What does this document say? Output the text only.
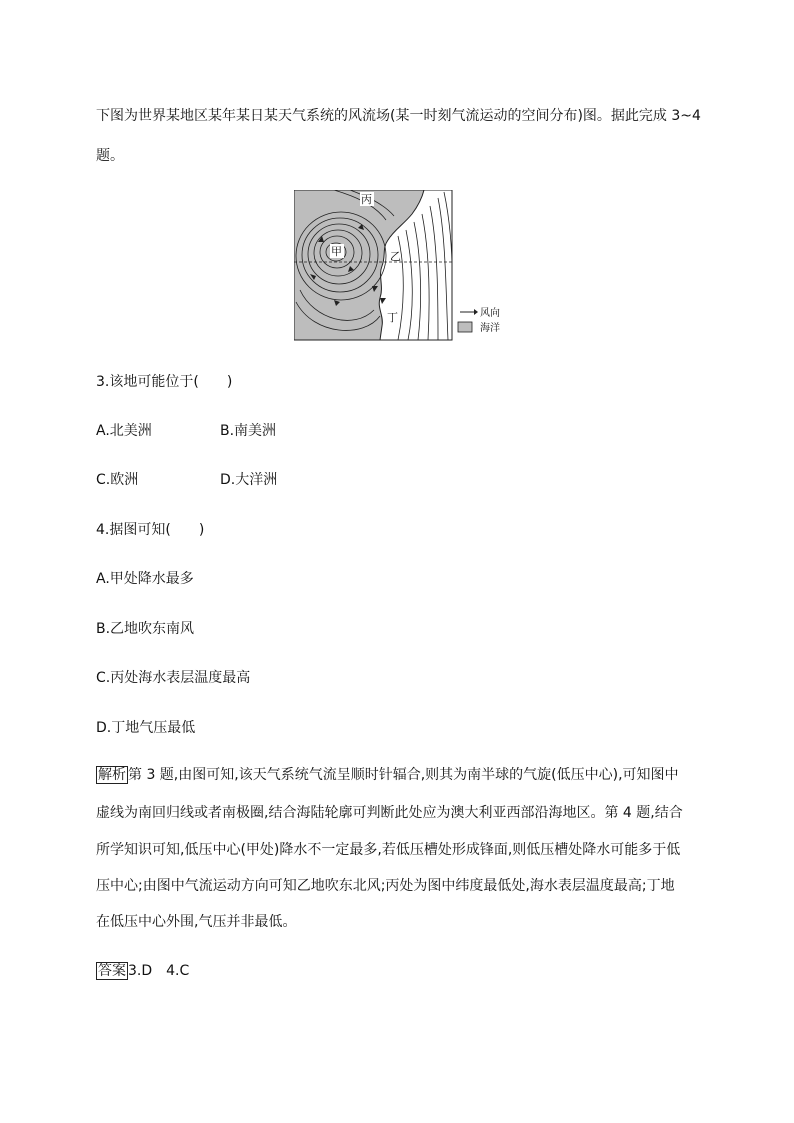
下图为世界某地区某年某日某天气系统的风流场(某一时刻气流运动的空间分布)图。据此完成 3~4
题。
甲
丙
乙
丁	风向
海洋
3.该地可能位于(　　)
A.北美洲	B.南美洲
C.欧洲	D.大洋洲
4.据图可知(　　)
A.甲处降水最多
B.乙地吹东南风
C.丙处海水表层温度最高
D.丁地气压最低
解析 第 3 题,由图可知,该天气系统气流呈顺时针辐合,则其为南半球的气旋(低压中心),可知图中
虚线为南回归线或者南极圈,结合海陆轮廓可判断此处应为澳大利亚西部沿海地区。第 4 题,结合
所学知识可知,低压中心(甲处)降水不一定最多,若低压槽处形成锋面,则低压槽处降水可能多于低
压中心;由图中气流运动方向可知乙地吹东北风;丙处为图中纬度最低处,海水表层温度最高;丁地
在低压中心外围,气压并非最低。
答案 3.D　4.C
